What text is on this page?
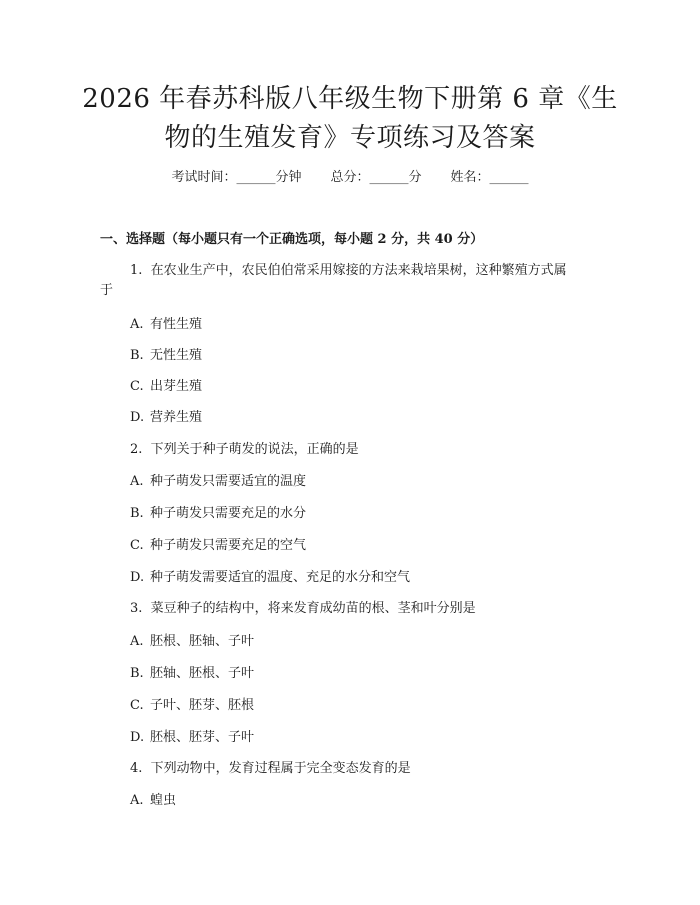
2026 年春苏科版八年级生物下册第 6 章《生
物的生殖发育》专项练习及答案
考试时间：______分钟 总分：______分 姓名：______
一、选择题（每小题只有一个正确选项，每小题 2 分，共 40 分）
1. 在农业生产中，农民伯伯常采用嫁接的方法来栽培果树，这种繁殖方式属
于
A. 有性生殖
B. 无性生殖
C. 出芽生殖
D. 营养生殖
2. 下列关于种子萌发的说法，正确的是
A. 种子萌发只需要适宜的温度
B. 种子萌发只需要充足的水分
C. 种子萌发只需要充足的空气
D. 种子萌发需要适宜的温度、充足的水分和空气
3. 菜豆种子的结构中，将来发育成幼苗的根、茎和叶分别是
A. 胚根、胚轴、子叶
B. 胚轴、胚根、子叶
C. 子叶、胚芽、胚根
D. 胚根、胚芽、子叶
4. 下列动物中，发育过程属于完全变态发育的是
A. 蝗虫
